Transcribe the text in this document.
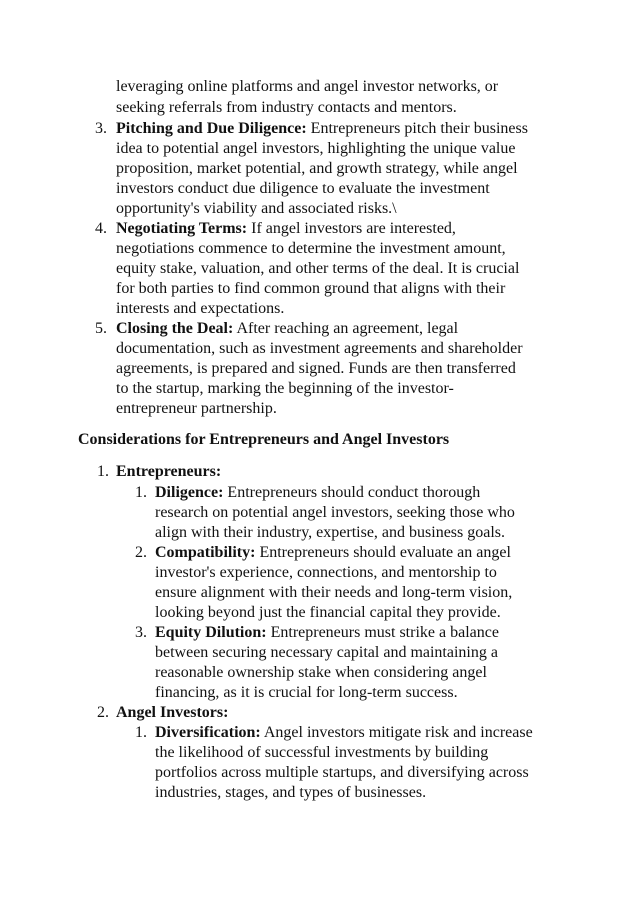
leveraging online platforms and angel investor networks, or
seeking referrals from industry contacts and mentors.
3. Pitching and Due Diligence: Entrepreneurs pitch their business
idea to potential angel investors, highlighting the unique value
proposition, market potential, and growth strategy, while angel
investors conduct due diligence to evaluate the investment
opportunity's viability and associated risks.\
4. Negotiating Terms: If angel investors are interested,
negotiations commence to determine the investment amount,
equity stake, valuation, and other terms of the deal. It is crucial
for both parties to find common ground that aligns with their
interests and expectations.
5. Closing the Deal: After reaching an agreement, legal
documentation, such as investment agreements and shareholder
agreements, is prepared and signed. Funds are then transferred
to the startup, marking the beginning of the investor-
entrepreneur partnership.
Considerations for Entrepreneurs and Angel Investors
1. Entrepreneurs:
1. Diligence: Entrepreneurs should conduct thorough
research on potential angel investors, seeking those who
align with their industry, expertise, and business goals.
2. Compatibility: Entrepreneurs should evaluate an angel
investor's experience, connections, and mentorship to
ensure alignment with their needs and long-term vision,
looking beyond just the financial capital they provide.
3. Equity Dilution: Entrepreneurs must strike a balance
between securing necessary capital and maintaining a
reasonable ownership stake when considering angel
financing, as it is crucial for long-term success.
2. Angel Investors:
1. Diversification: Angel investors mitigate risk and increase
the likelihood of successful investments by building
portfolios across multiple startups, and diversifying across
industries, stages, and types of businesses.
